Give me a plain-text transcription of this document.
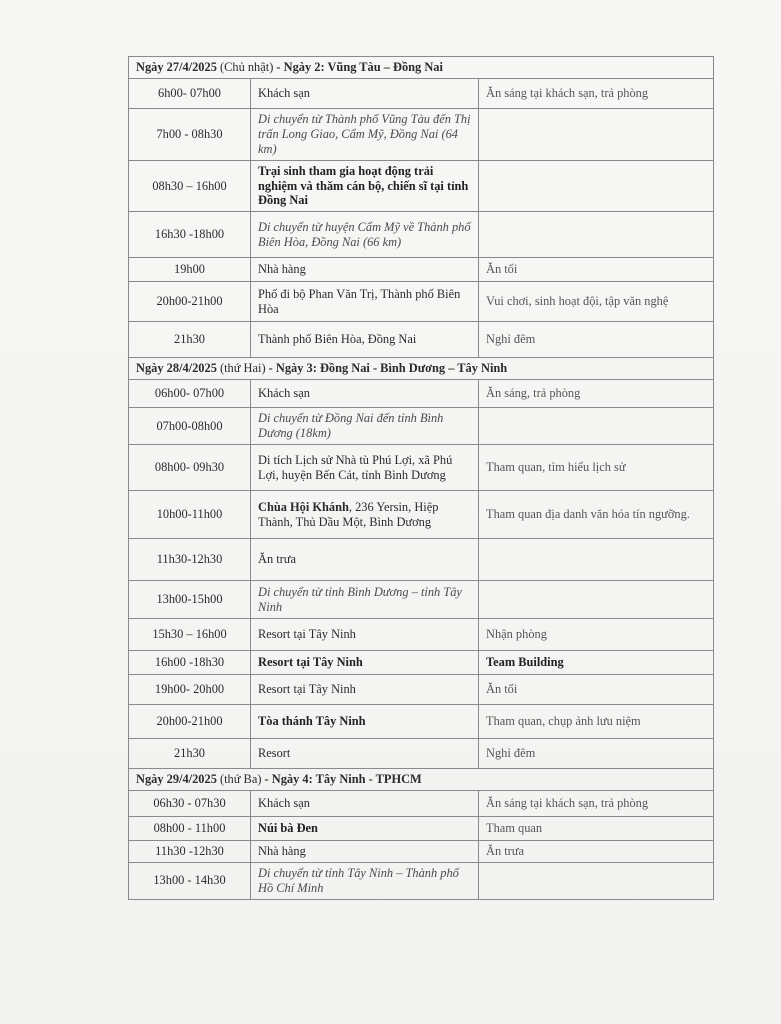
Ngày 27/4/2025 (Chủ nhật) - Ngày 2: Vũng Tàu – Đồng Nai		
6h00- 07h00	Khách sạn	Ăn sáng tại khách sạn, trả phòng
7h00 - 08h30	Di chuyển từ Thành phố Vũng Tàu đến Thị trấn Long Giao, Cẩm Mỹ, Đồng Nai (64 km)	
08h30 – 16h00	Trại sinh tham gia hoạt động trải nghiệm và thăm cán bộ, chiến sĩ tại tỉnh Đồng Nai	
16h30 -18h00	Di chuyển từ huyện Cẩm Mỹ về Thành phố Biên Hòa, Đồng Nai (66 km)	
19h00	Nhà hàng	Ăn tối
20h00-21h00	Phố đi bộ Phan Văn Trị, Thành phố Biên Hòa	Vui chơi, sinh hoạt đội, tập văn nghệ
21h30	Thành phố Biên Hòa, Đồng Nai	Nghỉ đêm
Ngày 28/4/2025 (thứ Hai) - Ngày 3: Đồng Nai - Bình Dương – Tây Ninh		
06h00- 07h00	Khách sạn	Ăn sáng, trả phòng
07h00-08h00	Di chuyển từ Đồng Nai đến tỉnh Bình Dương (18km)	
08h00- 09h30	Di tích Lịch sử Nhà tù Phú Lợi, xã Phú Lợi, huyện Bến Cát, tỉnh Bình Dương	Tham quan, tìm hiểu lịch sử
10h00-11h00	Chùa Hội Khánh, 236 Yersin, Hiệp Thành, Thủ Dầu Một, Bình Dương	Tham quan địa danh văn hóa tín ngưỡng.
11h30-12h30	Ăn trưa	
13h00-15h00	Di chuyển từ tỉnh Bình Dương – tỉnh Tây Ninh	
15h30 – 16h00	Resort tại Tây Ninh	Nhận phòng
16h00 -18h30	Resort tại Tây Ninh	Team Building
19h00- 20h00	Resort tại Tây Ninh	Ăn tối
20h00-21h00	Tòa thánh Tây Ninh	Tham quan, chụp ảnh lưu niệm
21h30	Resort	Nghỉ đêm
Ngày 29/4/2025 (thứ Ba) - Ngày 4: Tây Ninh - TPHCM		
06h30 - 07h30	Khách sạn	Ăn sáng tại khách sạn, trả phòng
08h00 - 11h00	Núi bà Đen	Tham quan
11h30 -12h30	Nhà hàng	Ăn trưa
13h00 - 14h30	Di chuyển từ tỉnh Tây Ninh – Thành phố Hồ Chí Minh	
